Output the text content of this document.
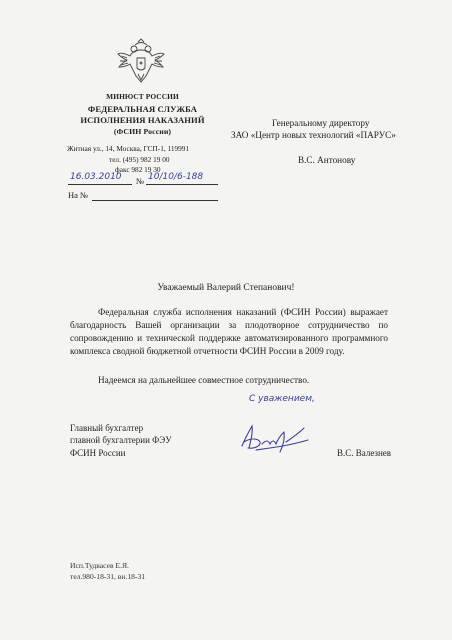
МИНЮСТ РОССИИ
ФЕДЕРАЛЬНАЯ СЛУЖБА
ИСПОЛНЕНИЯ НАКАЗАНИЙ
(ФСИН России)
Житная ул., 14, Москва, ГСП-1, 119991
тел. (495) 982 19 00
факс 982 19 30
16.03.2010 № 10/10/6-188
На №
Генеральному директору
ЗАО «Центр новых технологий «ПАРУС»
В.С. Антонову
Уважаемый Валерий Степанович!
Федеральная служба исполнения наказаний (ФСИН России) выражает благодарность Вашей организации за плодотворное сотрудничество по сопровождению и технической поддержке автоматизированного программного комплекса сводной бюджетной отчетности ФСИН России в 2009 году.
Надеемся на дальнейшее совместное сотрудничество.
С уважением,
Главный бухгалтер
главной бухгалтерии ФЭУ
ФСИН России	В.С. Валезнев
Исп.Тудвасев Е.Я.
тел.980-18-31, вн.18-31
